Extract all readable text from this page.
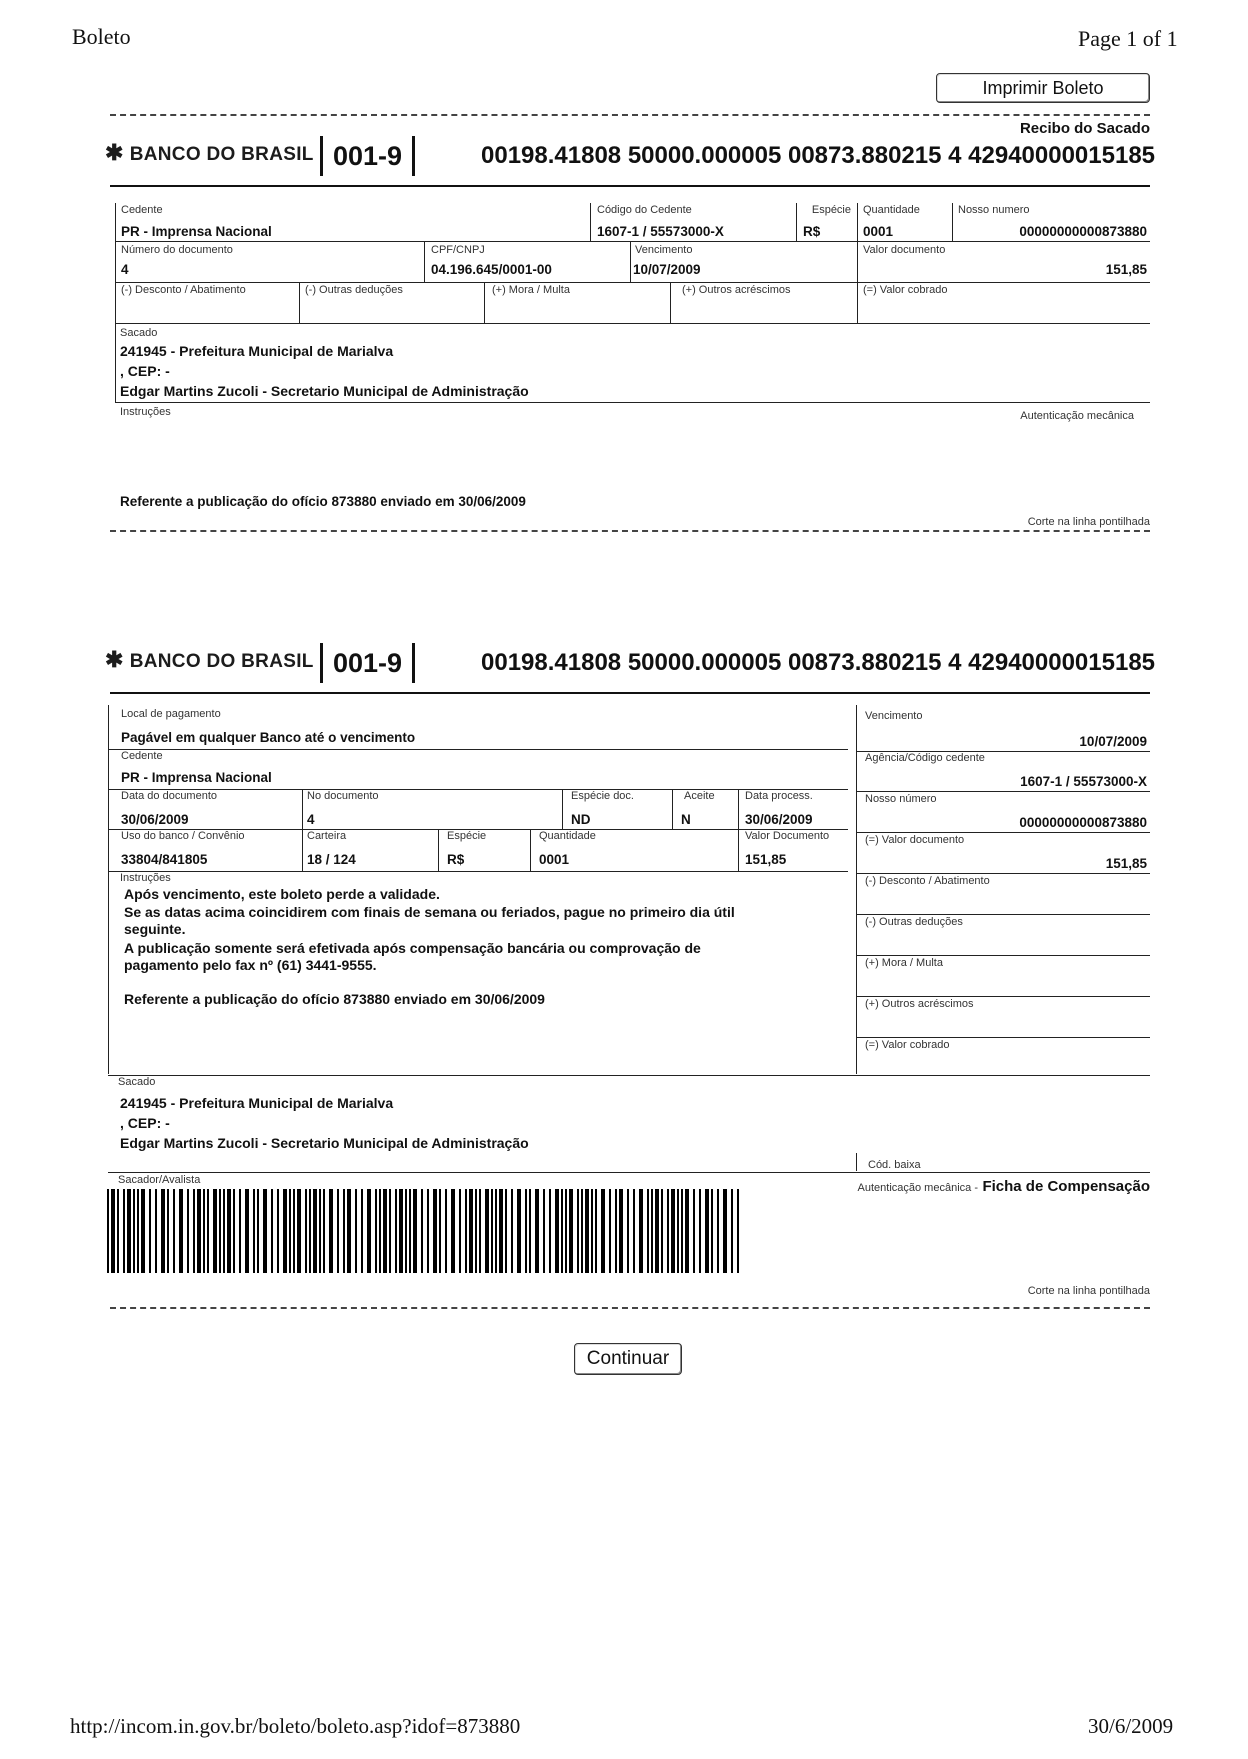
Boleto	Page 1 of 1
Imprimir Boleto
Recibo do Sacado
✱ BANCO DO BRASIL 001-9	00198.41808 50000.000005 00873.880215 4 42940000015185
Cedente
PR - Imprensa Nacional
Código do Cedente
1607-1 / 55573000-X
Espécie
R$
Quantidade
0001
Nosso numero
00000000000873880
Número do documento
4
CPF/CNPJ
04.196.645/0001-00
Vencimento
10/07/2009
Valor documento
151,85
(-) Desconto / Abatimento	(-) Outras deduções	(+) Mora / Multa	(+) Outros acréscimos	(=) Valor cobrado
Sacado
241945 - Prefeitura Municipal de Marialva
, CEP: -
Edgar Martins Zucoli - Secretario Municipal de Administração
Instruções	Autenticação mecânica
Referente a publicação do ofício 873880 enviado em 30/06/2009
Corte na linha pontilhada
✱ BANCO DO BRASIL 001-9	00198.41808 50000.000005 00873.880215 4 42940000015185
Vencimento
10/07/2009
Agência/Código cedente
1607-1 / 55573000-X
Nosso número
00000000000873880
(=) Valor documento
151,85
(-) Desconto / Abatimento
(-) Outras deduções
(+) Mora / Multa
(+) Outros acréscimos
(=) Valor cobrado
Local de pagamento
Pagável em qualquer Banco até o vencimento
Cedente
PR - Imprensa Nacional
Data do documento
30/06/2009
No documento
4
Espécie doc.
ND
Aceite
N
Data process.
30/06/2009
Uso do banco / Convênio
33804/841805
Carteira
18 / 124
Espécie
R$
Quantidade
0001
Valor Documento
151,85
Instruções
Após vencimento, este boleto perde a validade.
Se as datas acima coincidirem com finais de semana ou feriados, pague no primeiro dia útil
seguinte.
A publicação somente será efetivada após compensação bancária ou comprovação de
pagamento pelo fax nº (61) 3441-9555.
Referente a publicação do ofício 873880 enviado em 30/06/2009
Sacado
241945 - Prefeitura Municipal de Marialva
, CEP: -
Edgar Martins Zucoli - Secretario Municipal de Administração
Cód. baixa
Sacador/Avalista
Autenticação mecânica - Ficha de Compensação
Corte na linha pontilhada
Continuar
http://incom.in.gov.br/boleto/boleto.asp?idof=873880	30/6/2009
